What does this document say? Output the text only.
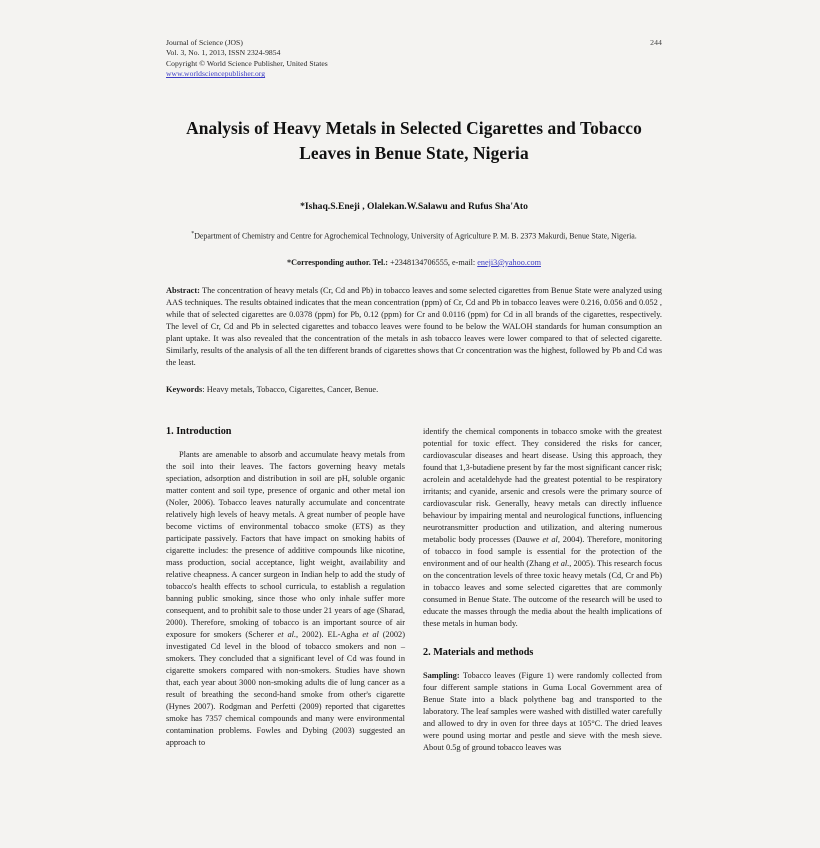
Journal of Science (JOS)
Vol. 3, No. 1, 2013, ISSN 2324-9854
Copyright © World Science Publisher, United States
www.worldsciencepublisher.org
244
Analysis of Heavy Metals in Selected Cigarettes and Tobacco Leaves in Benue State, Nigeria
*Ishaq.S.Eneji , Olalekan.W.Salawu and Rufus Sha'Ato
*Department of Chemistry and Centre for Agrochemical Technology, University of Agriculture P. M. B. 2373 Makurdi, Benue State, Nigeria.
*Corresponding author. Tel.: +2348134706555, e-mail: eneji3@yahoo.com
Abstract: The concentration of heavy metals (Cr, Cd and Pb) in tobacco leaves and some selected cigarettes from Benue State were analyzed using AAS techniques. The results obtained indicates that the mean concentration (ppm) of Cr, Cd and Pb in tobacco leaves were 0.216, 0.056 and 0.052 , while that of selected cigarettes are 0.0378 (ppm) for Pb, 0.12 (ppm) for Cr and 0.0116 (ppm) for Cd in all brands of the cigarettes, respectively. The level of Cr, Cd and Pb in selected cigarettes and tobacco leaves were found to be below the WALOH standards for human consumption an plant uptake. It was also revealed that the concentration of the metals in ash tobacco leaves were lower compared to that of selected cigarette. Similarly, results of the analysis of all the ten different brands of cigarettes shows that Cr concentration was the highest, followed by Pb and Cd was the least.
Keywords: Heavy metals, Tobacco, Cigarettes, Cancer, Benue.
1. Introduction

Plants are amenable to absorb and accumulate heavy metals from the soil into their leaves. The factors governing heavy metals speciation, adsorption and distribution in soil are pH, soluble organic matter content and soil type, presence of organic and other metal ion (Noler, 2006). Tobacco leaves naturally accumulate and concentrate relatively high levels of heavy metals. A great number of people have become victims of environmental tobacco smoke (ETS) as they participate passively. Factors that have impact on smoking habits of cigarette includes: the presence of additive compounds like nicotine, mass production, social acceptance, light weight, availability and relative cheapness. A cancer surgeon in Indian help to add the study of tobacco's health effects to school curricula, to establish a regulation banning public smoking, since those who only inhale suffer more consequent, and to prohibit sale to those under 21 years of age (Sharad, 2000). Therefore, smoking of tobacco is an important source of air exposure for smokers (Scherer et al., 2002). EL-Agha et al (2002) investigated Cd level in the blood of tobacco smokers and non – smokers. They concluded that a significant level of Cd was found in cigarette smokers compared with non-smokers. Studies have shown that, each year about 3000 non-smoking adults die of lung cancer as a result of breathing the second-hand smoke from other's cigarette (Hynes 2007). Rodgman and Perfetti (2009) reported that cigarettes smoke has 7357 chemical compounds and many were environmental contamination problems. Fowles and Dybing (2003) suggested an approach to

identify the chemical components in tobacco smoke with the greatest potential for toxic effect. They considered the risks for cancer, cardiovascular diseases and heart disease. Using this approach, they found that 1,3-butadiene present by far the most significant cancer risk; acrolein and acetaldehyde had the greatest potential to be respiratory irritants; and cyanide, arsenic and cresols were the primary source of cardiovascular risk. Generally, heavy metals can directly influence behaviour by impairing mental and neurological functions, influencing neurotransmitter production and utilization, and altering numerous metabolic body processes (Dauwe et al, 2004). Therefore, monitoring of tobacco in food sample is essential for the protection of the environment and of our health (Zhang et al., 2005). This research focus on the concentration levels of three toxic heavy metals (Cd, Cr and Pb) in tobacco leaves and some selected cigarettes that are commonly consumed in Benue State. The outcome of the research will be used to educate the masses through the media about the health implications of these metals in human body.

2. Materials and methods

Sampling: Tobacco leaves (Figure 1) were randomly collected from four different sample stations in Guma Local Government area of Benue State into a black polythene bag and transported to the laboratory. The leaf samples were washed with distilled water carefully and allowed to dry in oven for three days at 105°C. The dried leaves were pound using mortar and pestle and sieve with the mesh sieve. About 0.5g of ground tobacco leaves was
